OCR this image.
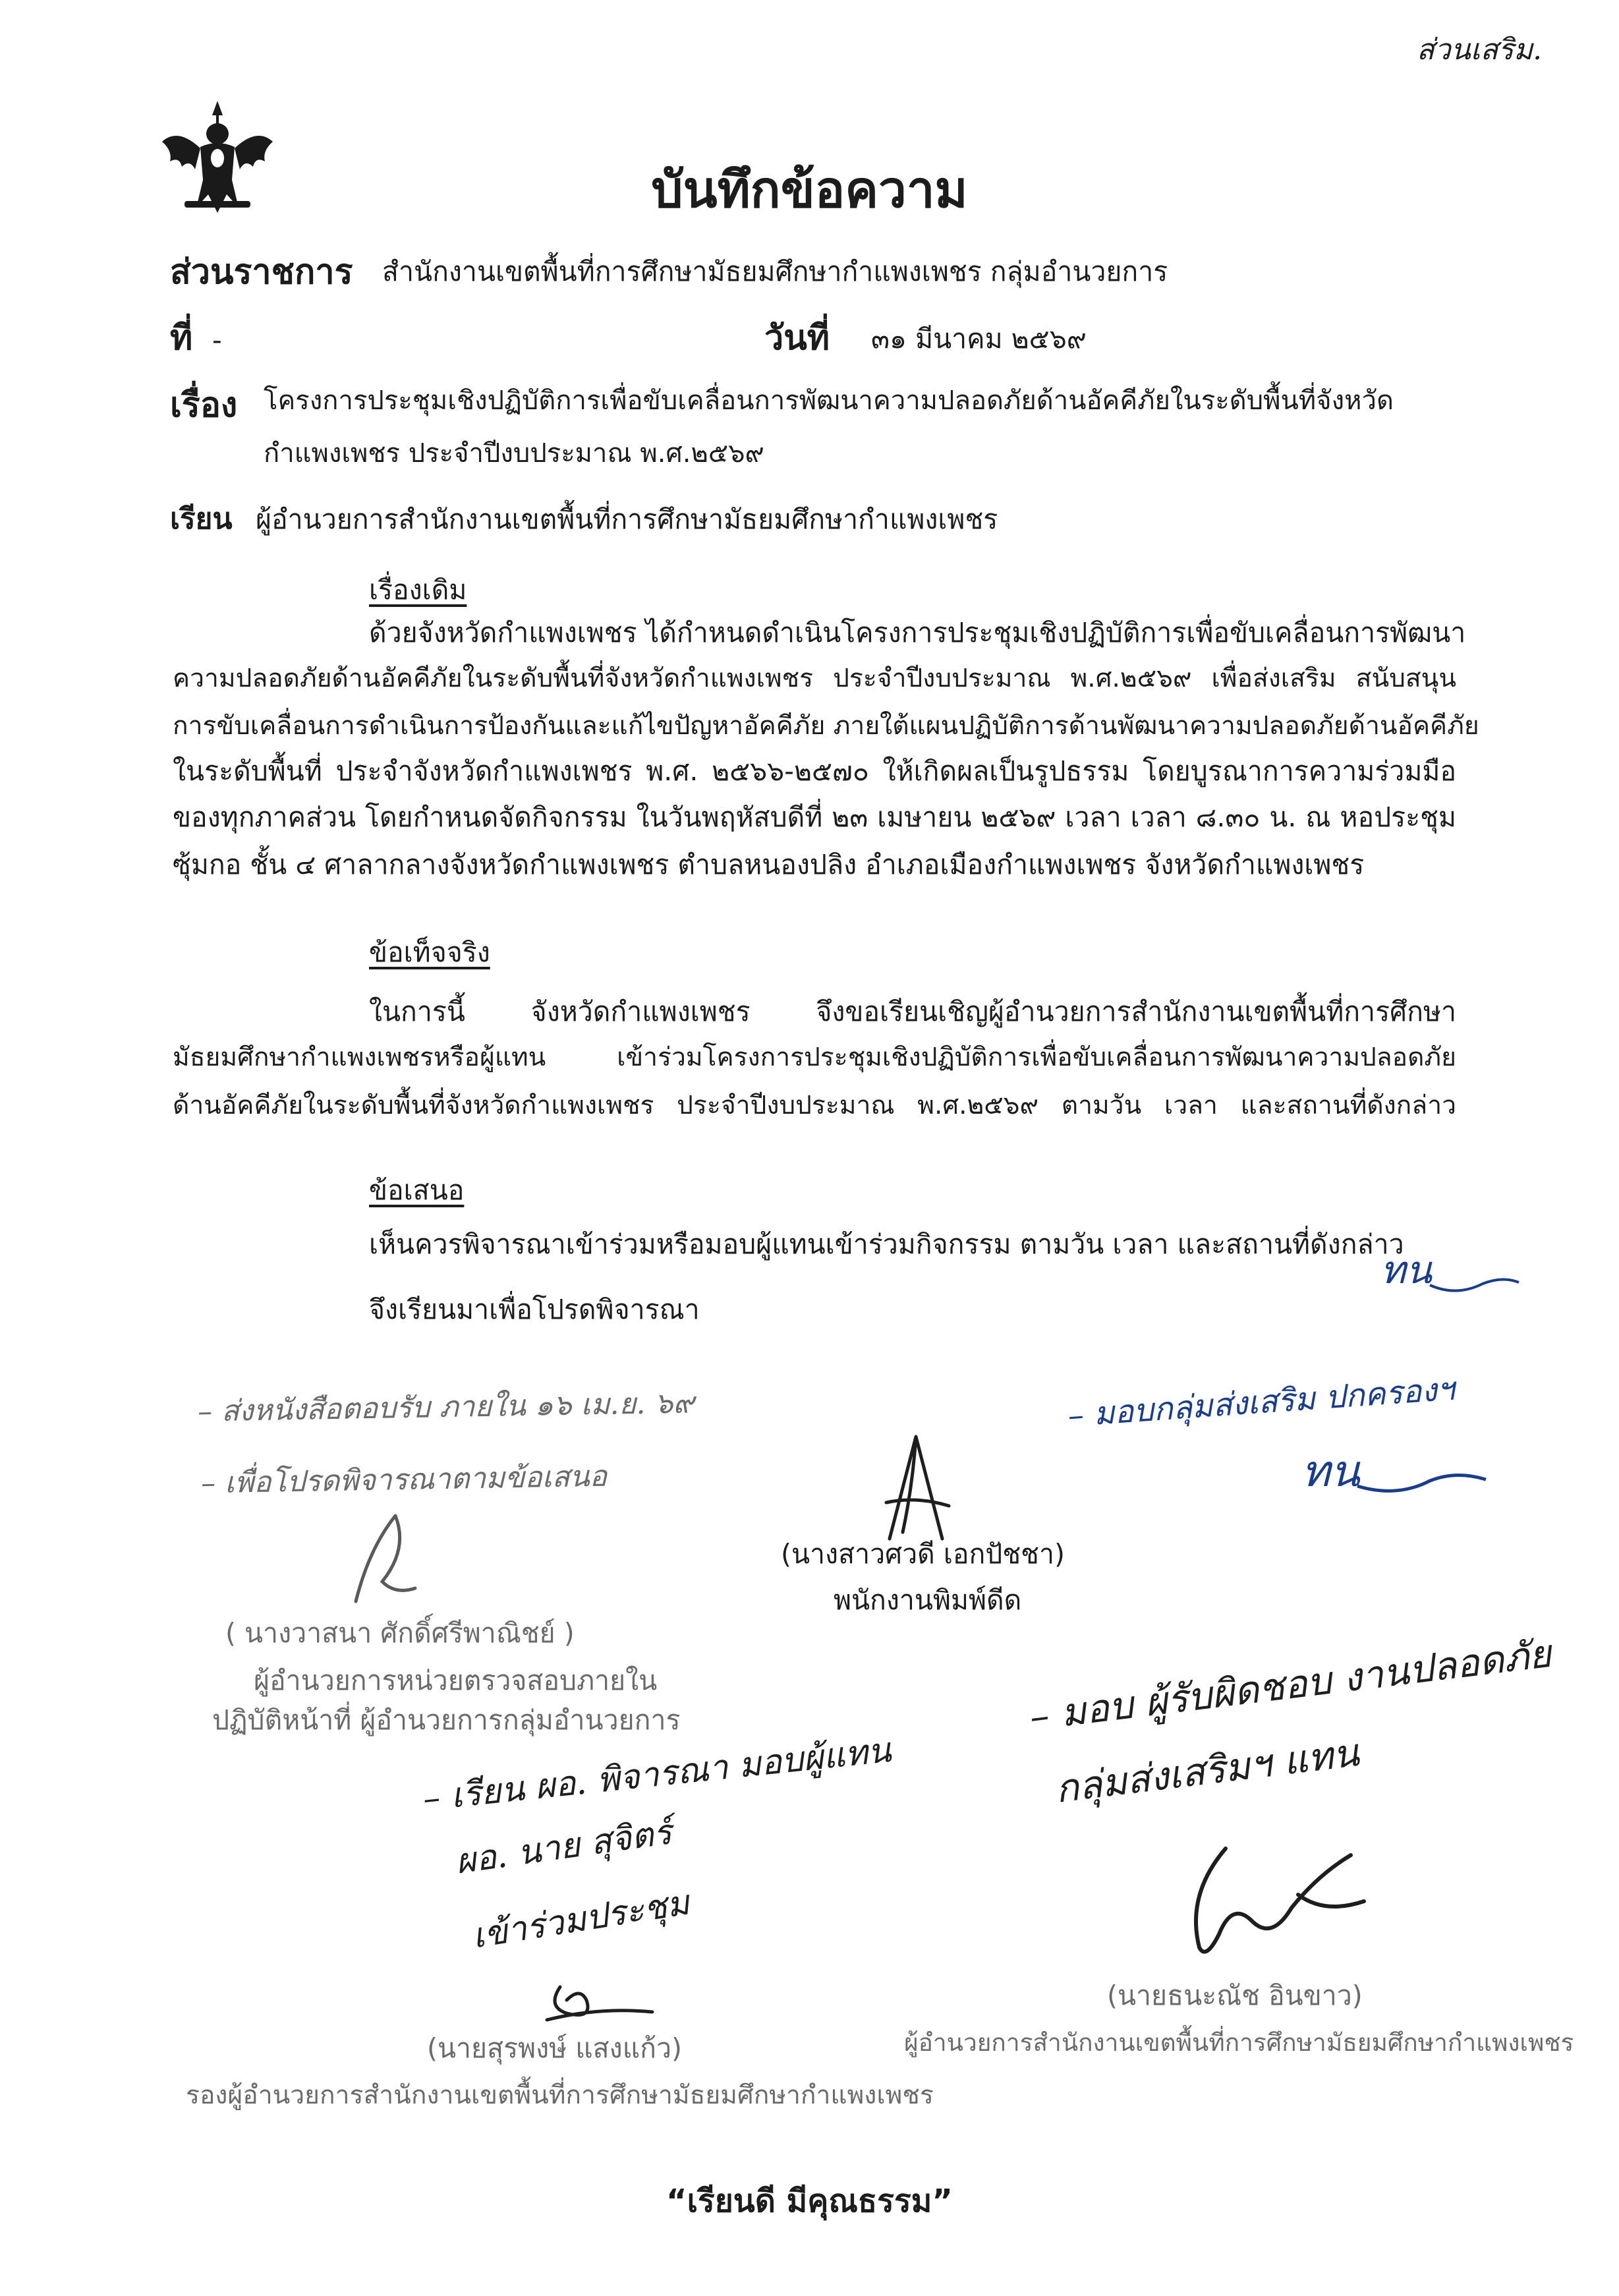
ส่วนเสริม.
บันทึกข้อความ
ส่วนราชการ สำนักงานเขตพื้นที่การศึกษามัธยมศึกษากำแพงเพชร กลุ่มอำนวยการ
ที่ -	วันที่ ๓๑ มีนาคม ๒๕๖๙
เรื่อง โครงการประชุมเชิงปฏิบัติการเพื่อขับเคลื่อนการพัฒนาความปลอดภัยด้านอัคคีภัยในระดับพื้นที่จังหวัด
กำแพงเพชร ประจำปีงบประมาณ พ.ศ.๒๕๖๙
เรียน ผู้อำนวยการสำนักงานเขตพื้นที่การศึกษามัธยมศึกษากำแพงเพชร
เรื่องเดิม
ด้วยจังหวัดกำแพงเพชร ได้กำหนดดำเนินโครงการประชุมเชิงปฏิบัติการเพื่อขับเคลื่อนการพัฒนา
ความปลอดภัยด้านอัคคีภัยในระดับพื้นที่จังหวัดกำแพงเพชร ประจำปีงบประมาณ พ.ศ.๒๕๖๙ เพื่อส่งเสริม สนับสนุน
การขับเคลื่อนการดำเนินการป้องกันและแก้ไขปัญหาอัคคีภัย ภายใต้แผนปฏิบัติการด้านพัฒนาความปลอดภัยด้านอัคคีภัย
ในระดับพื้นที่ ประจำจังหวัดกำแพงเพชร พ.ศ. ๒๕๖๖-๒๕๗๐ ให้เกิดผลเป็นรูปธรรม โดยบูรณาการความร่วมมือ
ของทุกภาคส่วน โดยกำหนดจัดกิจกรรม ในวันพฤหัสบดีที่ ๒๓ เมษายน ๒๕๖๙ เวลา เวลา ๘.๓๐ น. ณ หอประชุม
ซุ้มกอ ชั้น ๔ ศาลากลางจังหวัดกำแพงเพชร ตำบลหนองปลิง อำเภอเมืองกำแพงเพชร จังหวัดกำแพงเพชร
ข้อเท็จจริง
ในการนี้ จังหวัดกำแพงเพชร จึงขอเรียนเชิญผู้อำนวยการสำนักงานเขตพื้นที่การศึกษา
มัธยมศึกษากำแพงเพชรหรือผู้แทน เข้าร่วมโครงการประชุมเชิงปฏิบัติการเพื่อขับเคลื่อนการพัฒนาความปลอดภัย
ด้านอัคคีภัยในระดับพื้นที่จังหวัดกำแพงเพชร ประจำปีงบประมาณ พ.ศ.๒๕๖๙ ตามวัน เวลา และสถานที่ดังกล่าว
ข้อเสนอ
เห็นควรพิจารณาเข้าร่วมหรือมอบผู้แทนเข้าร่วมกิจกรรม ตามวัน เวลา และสถานที่ดังกล่าว
จึงเรียนมาเพื่อโปรดพิจารณา
ทน
– ส่งหนังสือตอบรับ ภายใน ๑๖ เม.ย. ๖๙
– เพื่อโปรดพิจารณาตามข้อเสนอ
– มอบกลุ่มส่งเสริม ปกครองฯ
ทน
(นางสาวศวดี เอกปัชชา)
พนักงานพิมพ์ดีด
( นางวาสนา ศักดิ์ศรีพาณิชย์ )
ผู้อำนวยการหน่วยตรวจสอบภายใน
ปฏิบัติหน้าที่ ผู้อำนวยการกลุ่มอำนวยการ
– เรียน ผอ. พิจารณา มอบผู้แทน
ผอ. นาย สุจิตร์
เข้าร่วมประชุม
(นายสุรพงษ์ แสงแก้ว)
รองผู้อำนวยการสำนักงานเขตพื้นที่การศึกษามัธยมศึกษากำแพงเพชร
– มอบ ผู้รับผิดชอบ งานปลอดภัย
กลุ่มส่งเสริมฯ แทน
(นายธนะณัช อินขาว)
ผู้อำนวยการสำนักงานเขตพื้นที่การศึกษามัธยมศึกษากำแพงเพชร
“เรียนดี มีคุณธรรม”
